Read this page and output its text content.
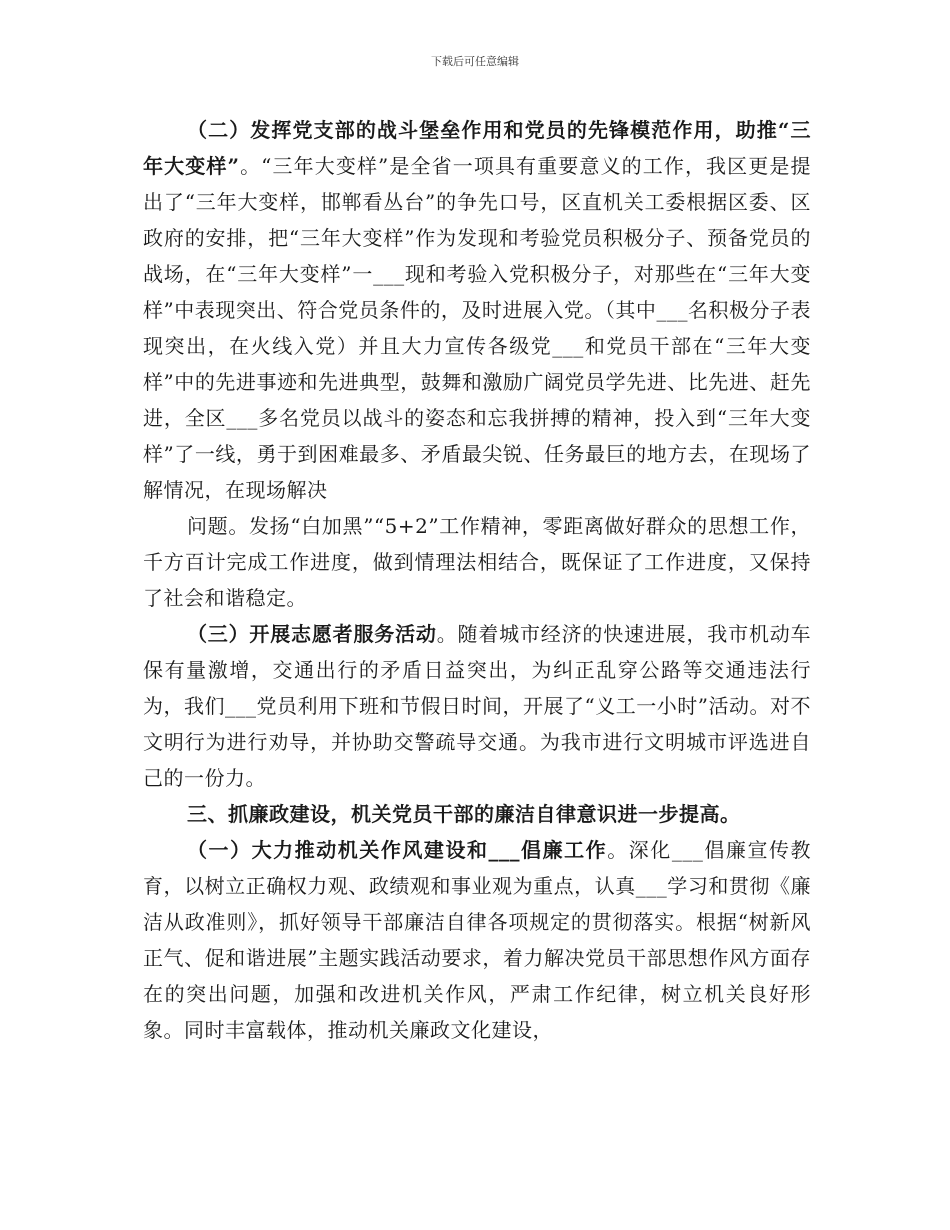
下载后可任意编辑

（二）发挥党支部的战斗堡垒作用和党员的先锋模范作用，助推“三年大变样”。“三年大变样”是全省一项具有重要意义的工作，我区更是提出了“三年大变样，邯郸看丛台”的争先口号，区直机关工委根据区委、区政府的安排，把“三年大变样”作为发现和考验党员积极分子、预备党员的战场，在“三年大变样”一___现和考验入党积极分子，对那些在“三年大变样”中表现突出、符合党员条件的，及时进展入党。（其中___名积极分子表现突出，在火线入党）并且大力宣传各级党___和党员干部在“三年大变样”中的先进事迹和先进典型，鼓舞和激励广阔党员学先进、比先进、赶先进，全区___多名党员以战斗的姿态和忘我拼搏的精神，投入到“三年大变样”了一线，勇于到困难最多、矛盾最尖锐、任务最巨的地方去，在现场了解情况，在现场解决

问题。发扬“白加黑”“5+2”工作精神，零距离做好群众的思想工作，千方百计完成工作进度，做到情理法相结合，既保证了工作进度，又保持了社会和谐稳定。

（三）开展志愿者服务活动。随着城市经济的快速进展，我市机动车保有量激增，交通出行的矛盾日益突出，为纠正乱穿公路等交通违法行为，我们___党员利用下班和节假日时间，开展了“义工一小时”活动。对不文明行为进行劝导，并协助交警疏导交通。为我市进行文明城市评选进自己的一份力。

三、抓廉政建设，机关党员干部的廉洁自律意识进一步提高。

（一）大力推动机关作风建设和___倡廉工作。深化___倡廉宣传教育，以树立正确权力观、政绩观和事业观为重点，认真___学习和贯彻《廉洁从政准则》，抓好领导干部廉洁自律各项规定的贯彻落实。根据“树新风正气、促和谐进展”主题实践活动要求，着力解决党员干部思想作风方面存在的突出问题，加强和改进机关作风，严肃工作纪律，树立机关良好形象。同时丰富载体，推动机关廉政文化建设，
